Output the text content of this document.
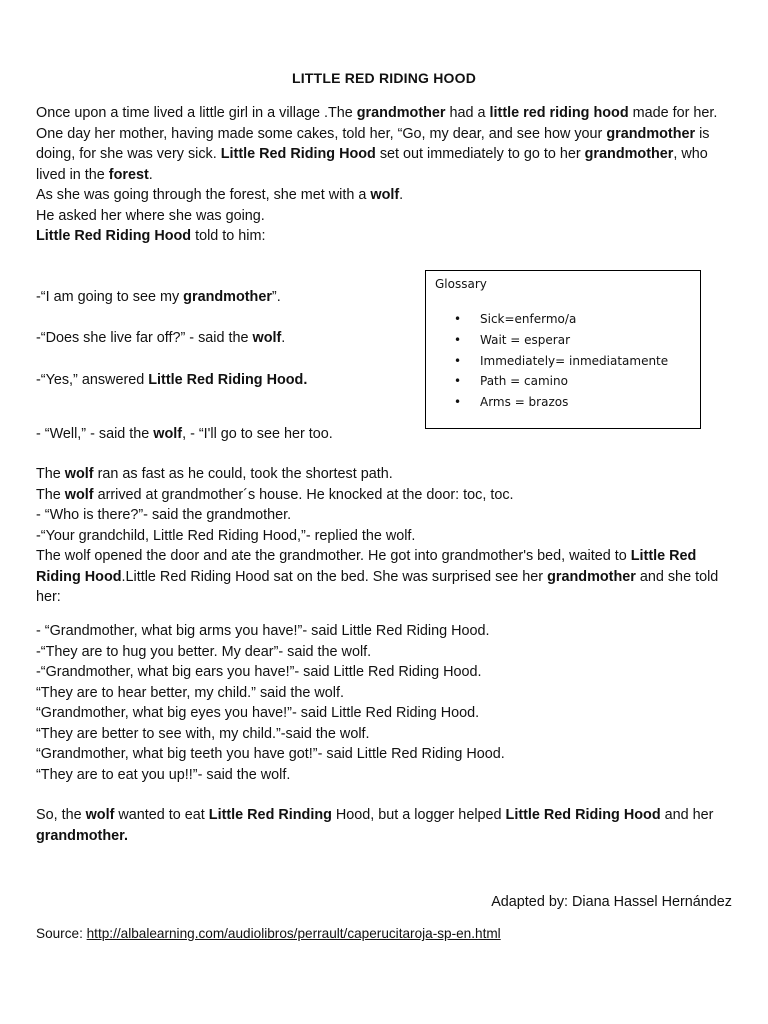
LITTLE RED RIDING HOOD
Once upon a time lived a little girl in a village .The grandmother had a little red riding hood made for her.
One day her mother, having made some cakes, told her, “Go, my dear, and see how your grandmother is doing, for she was very sick. Little Red Riding Hood set out immediately to go to her grandmother, who lived in the forest.
As she was going through the forest, she met with a wolf.
He asked her where she was going.
Little Red Riding Hood told to him:
-“I am going to see my grandmother”.
-“Does she live far off?” - said the wolf.
-“Yes,” answered Little Red Riding Hood.
- “Well,” - said the wolf, - “I'll go to see her too.
Glossary
• Sick=enfermo/a
• Wait = esperar
• Immediately= inmediatamente
• Path = camino
• Arms = brazos
The wolf ran as fast as he could, took the shortest path.
The wolf arrived at grandmother´s house. He knocked at the door: toc, toc.
- “Who is there?”- said the grandmother.
-“Your grandchild, Little Red Riding Hood,”- replied the wolf.
The wolf opened the door and ate the grandmother. He got into grandmother's bed, waited to Little Red Riding Hood.Little Red Riding Hood sat on the bed. She was surprised see her grandmother and she told her:
- “Grandmother, what big arms you have!”- said Little Red Riding Hood.
-“They are to hug you better. My dear”- said the wolf.
-“Grandmother, what big ears you have!”- said Little Red Riding Hood.
“They are to hear better, my child.” said the wolf.
“Grandmother, what big eyes you have!”- said Little Red Riding Hood.
“They are better to see with, my child.”-said the wolf.
“Grandmother, what big teeth you have got!”- said Little Red Riding Hood.
“They are to eat you up!!”- said the wolf.
So, the wolf wanted to eat Little Red Rinding Hood, but a logger helped Little Red Riding Hood and her grandmother.
Adapted by: Diana Hassel Hernández
Source: http://albalearning.com/audiolibros/perrault/caperucitaroja-sp-en.html
